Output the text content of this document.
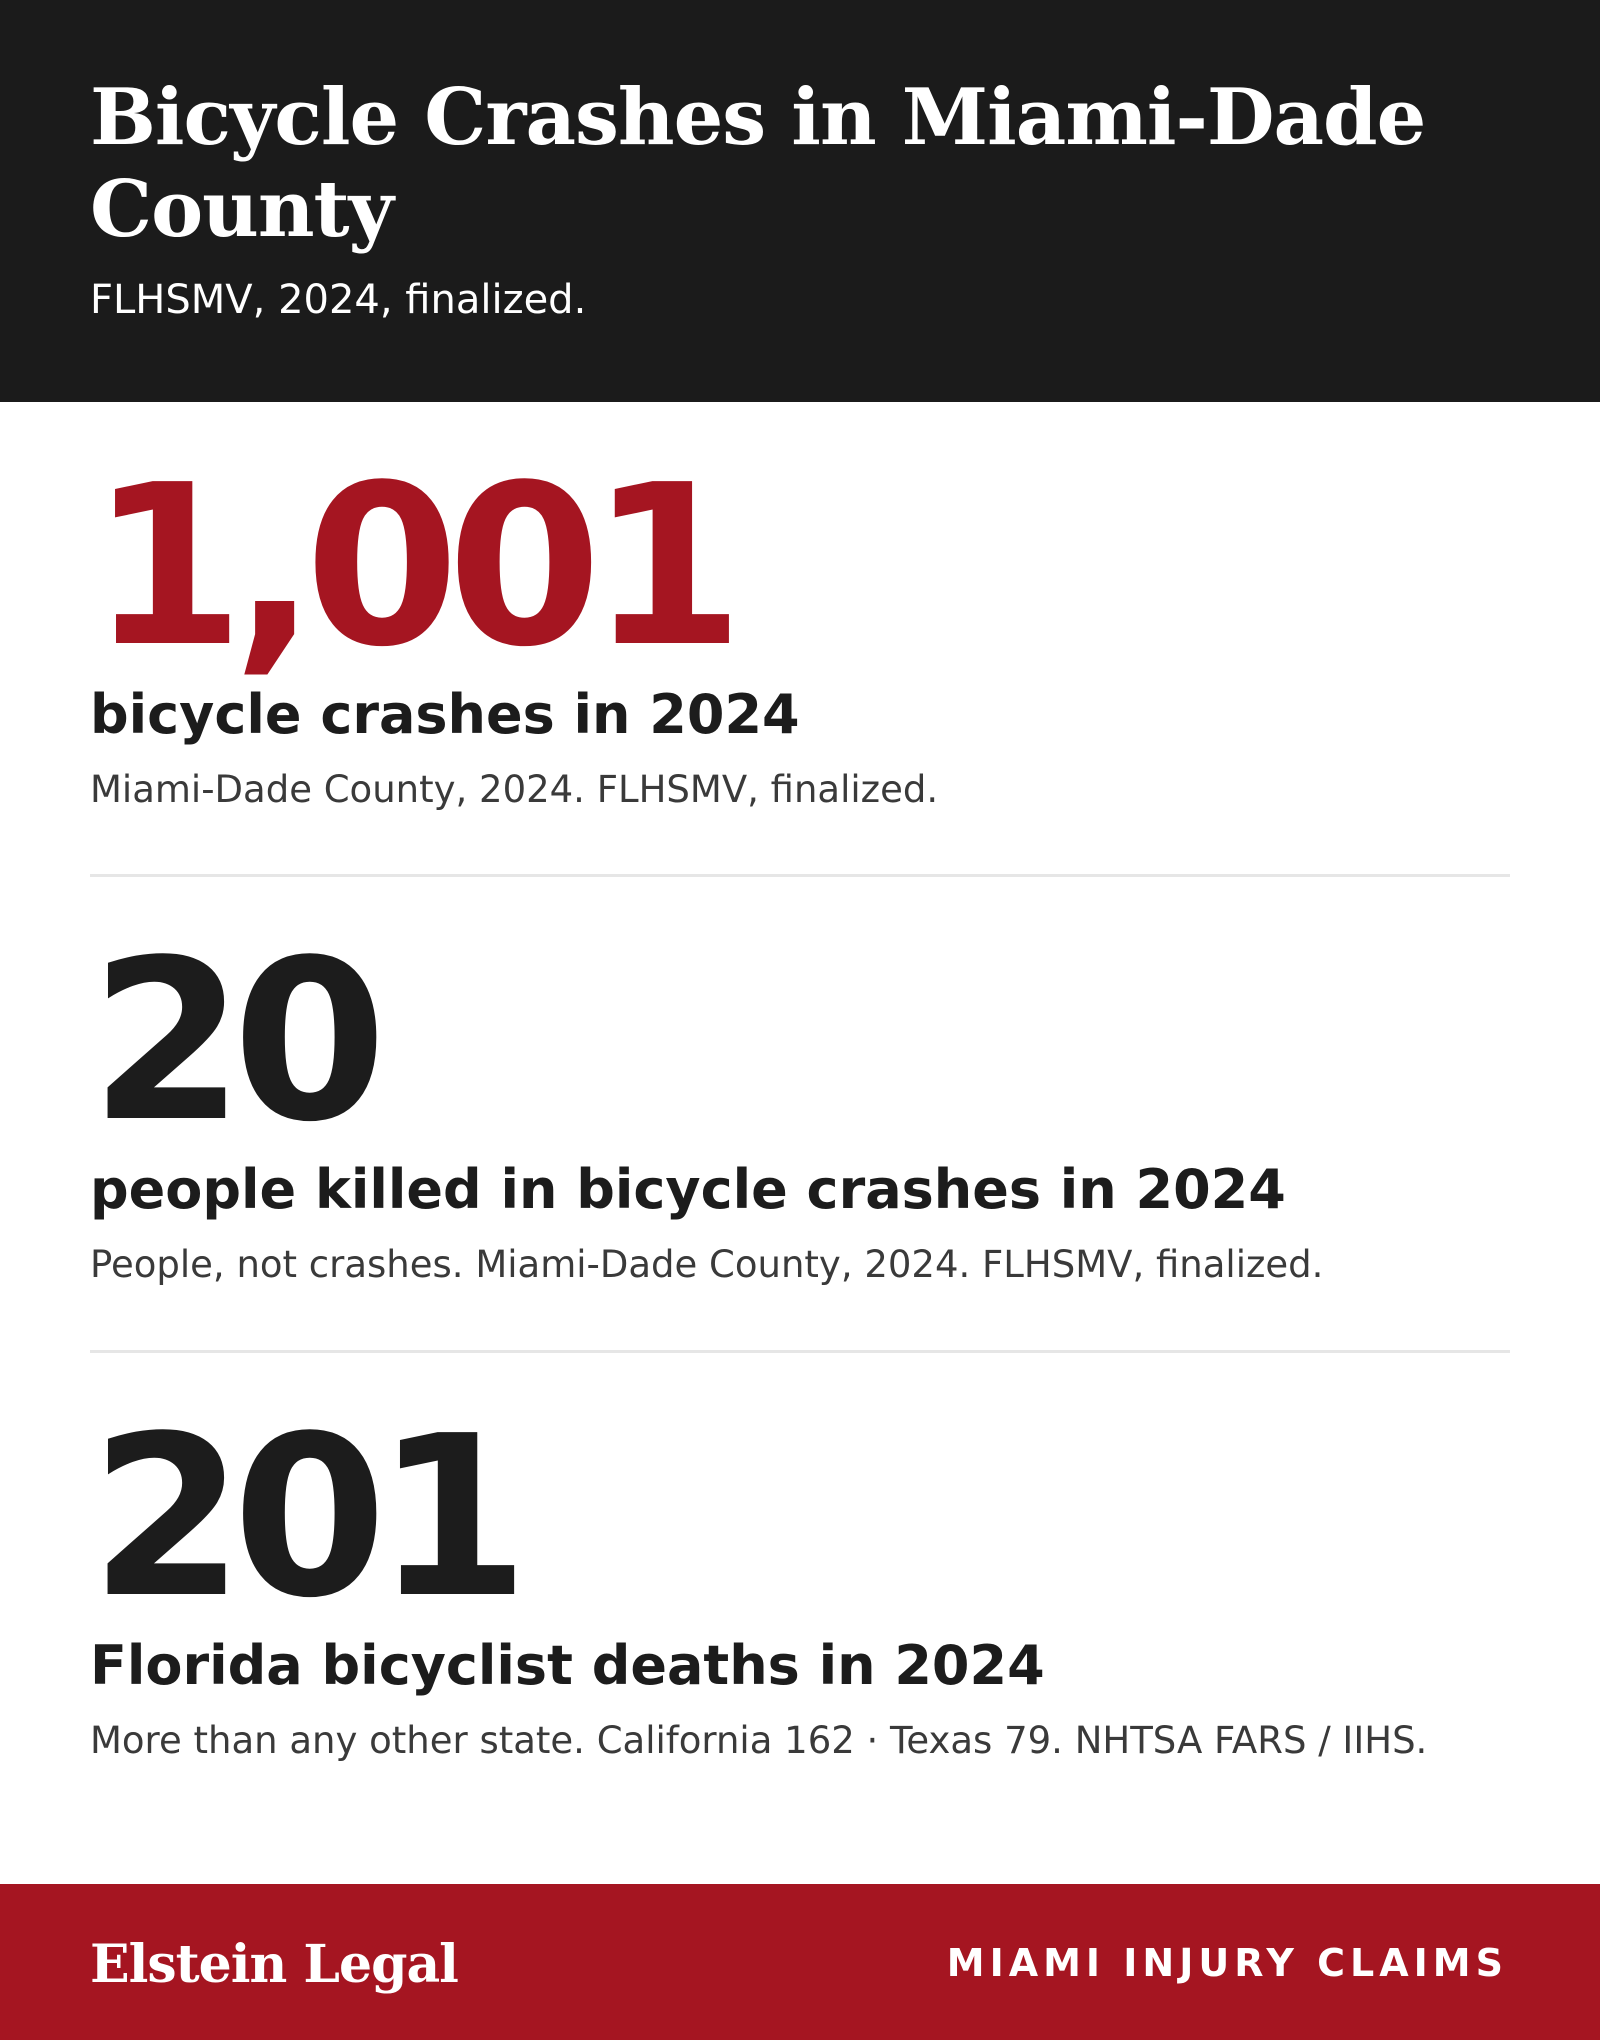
Bicycle Crashes in Miami-Dade County
FLHSMV, 2024, finalized.
1,001
bicycle crashes in 2024
Miami-Dade County, 2024. FLHSMV, finalized.
20
people killed in bicycle crashes in 2024
People, not crashes. Miami-Dade County, 2024. FLHSMV, finalized.
201
Florida bicyclist deaths in 2024
More than any other state. California 162 · Texas 79. NHTSA FARS / IIHS.
Elstein Legal	MIAMI INJURY CLAIMS
